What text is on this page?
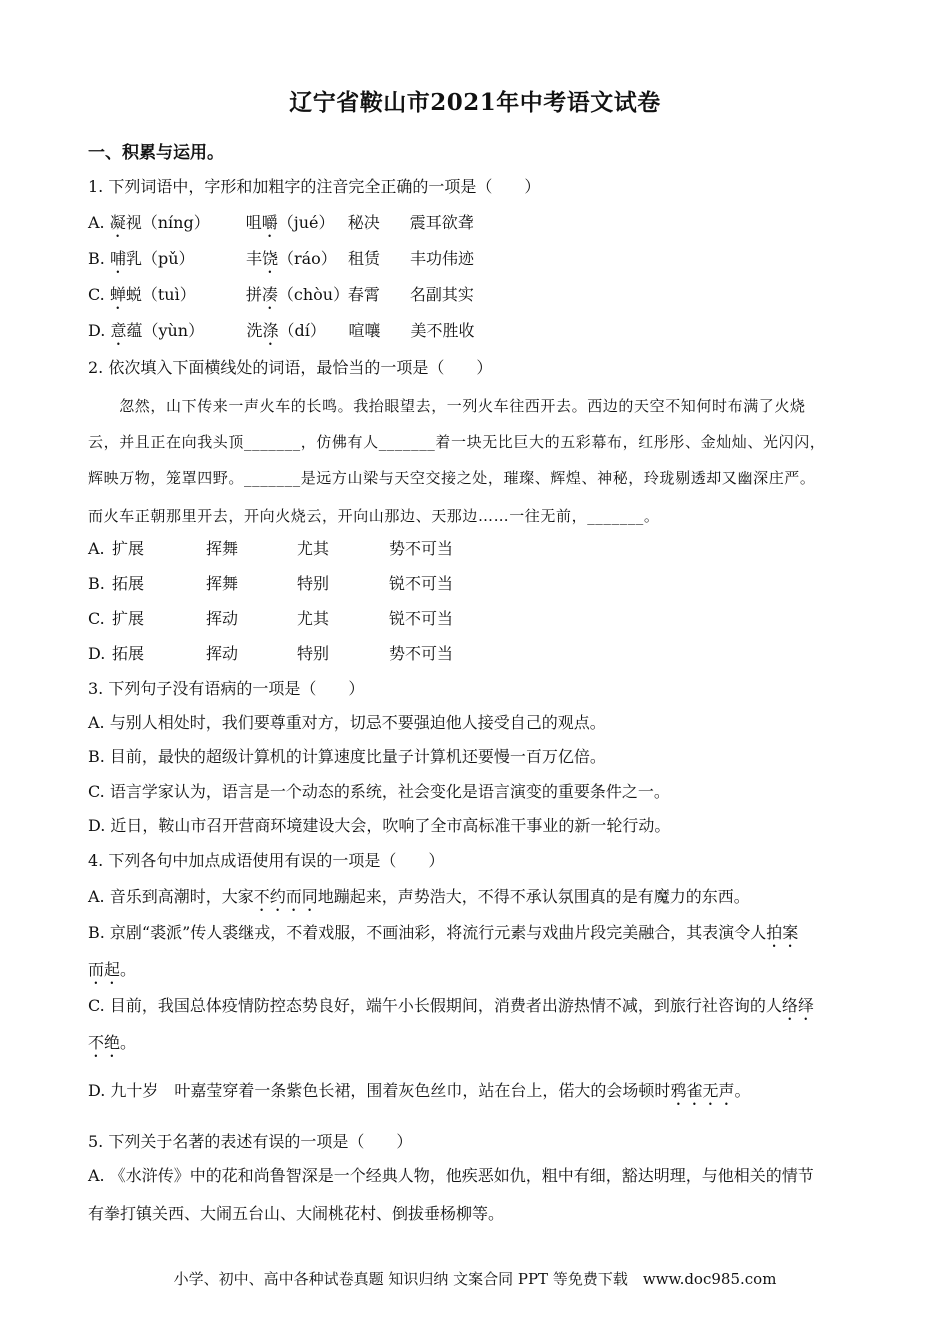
辽宁省鞍山市2021年中考语文试卷
一、积累与运用。
1. 下列词语中，字形和加粗字的注音完全正确的一项是（　　）
A. 凝视（níng） 咀嚼（jué） 秘决 震耳欲聋
B. 哺乳（pǔ）	丰饶（ráo） 租赁 丰功伟迹
C. 蝉蜕（tuì）	拼凑（chòu）春霄 名副其实
D. 意蕴（yùn）	洗涤（dí） 喧嚷 美不胜收
2. 依次填入下面横线处的词语，最恰当的一项是（　　）
　　忽然，山下传来一声火车的长鸣。我抬眼望去，一列火车往西开去。西边的天空不知何时布满了火烧
云，并且正在向我头顶_______，仿佛有人_______着一块无比巨大的五彩幕布，红彤彤、金灿灿、光闪闪，
辉映万物，笼罩四野。_______是远方山梁与天空交接之处，璀璨、辉煌、神秘，玲珑剔透却又幽深庄严。
而火车正朝那里开去，开向火烧云，开向山那边、天那边……一往无前，_______。
A. 扩展	挥舞	尤其	势不可当
B. 拓展	挥舞	特别	锐不可当
C. 扩展	挥动	尤其	锐不可当
D. 拓展	挥动	特别	势不可当
3. 下列句子没有语病的一项是（　　）
A. 与别人相处时，我们要尊重对方，切忌不要强迫他人接受自己的观点。
B. 目前，最快的超级计算机的计算速度比量子计算机还要慢一百万亿倍。
C. 语言学家认为，语言是一个动态的系统，社会变化是语言演变的重要条件之一。
D. 近日，鞍山市召开营商环境建设大会，吹响了全市高标准干事业的新一轮行动。
4. 下列各句中加点成语使用有误的一项是（　　）
A. 音乐到高潮时，大家不约而同地蹦起来，声势浩大，不得不承认氛围真的是有魔力的东西。
B. 京剧“裘派”传人裘继戎，不着戏服，不画油彩，将流行元素与戏曲片段完美融合，其表演令人拍案
而起。
C. 目前，我国总体疫情防控态势良好，端午小长假期间，消费者出游热情不减，到旅行社咨询的人络绎
不绝。
D. 九十岁　叶嘉莹穿着一条紫色长裙，围着灰色丝巾，站在台上，偌大的会场顿时鸦雀无声。
5. 下列关于名著的表述有误的一项是（　　）
A. 《水浒传》中的花和尚鲁智深是一个经典人物，他疾恶如仇，粗中有细，豁达明理，与他相关的情节
有拳打镇关西、大闹五台山、大闹桃花村、倒拔垂杨柳等。
小学、初中、高中各种试卷真题 知识归纳 文案合同 PPT 等免费下载　www.doc985.com
